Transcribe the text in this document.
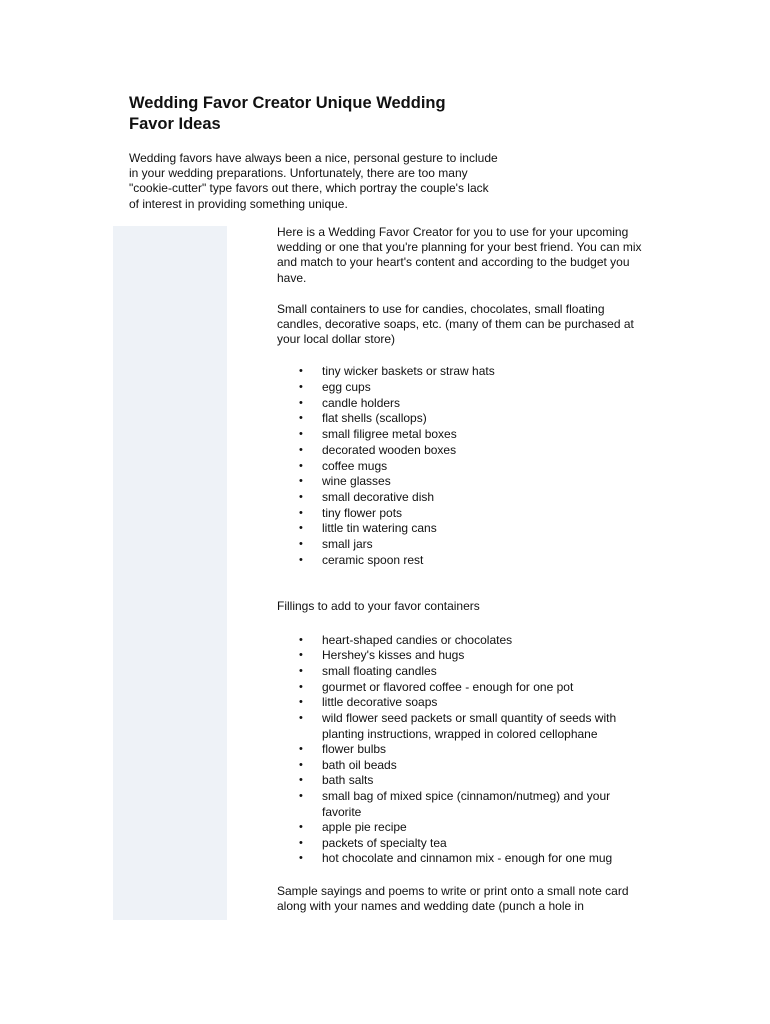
Wedding Favor Creator Unique Wedding Favor Ideas

Wedding favors have always been a nice, personal gesture to include in your wedding preparations. Unfortunately, there are too many "cookie-cutter" type favors out there, which portray the couple's lack of interest in providing something unique.

Here is a Wedding Favor Creator for you to use for your upcoming wedding or one that you're planning for your best friend. You can mix and match to your heart's content and according to the budget you have.

Small containers to use for candies, chocolates, small floating candles, decorative soaps, etc. (many of them can be purchased at your local dollar store)

• tiny wicker baskets or straw hats
• egg cups
• candle holders
• flat shells (scallops)
• small filigree metal boxes
• decorated wooden boxes
• coffee mugs
• wine glasses
• small decorative dish
• tiny flower pots
• little tin watering cans
• small jars
• ceramic spoon rest

Fillings to add to your favor containers

• heart-shaped candies or chocolates
• Hershey's kisses and hugs
• small floating candles
• gourmet or flavored coffee - enough for one pot
• little decorative soaps
• wild flower seed packets or small quantity of seeds with planting instructions, wrapped in colored cellophane
• flower bulbs
• bath oil beads
• bath salts
• small bag of mixed spice (cinnamon/nutmeg) and your favorite
• apple pie recipe
• packets of specialty tea
• hot chocolate and cinnamon mix - enough for one mug

Sample sayings and poems to write or print onto a small note card along with your names and wedding date (punch a hole in
